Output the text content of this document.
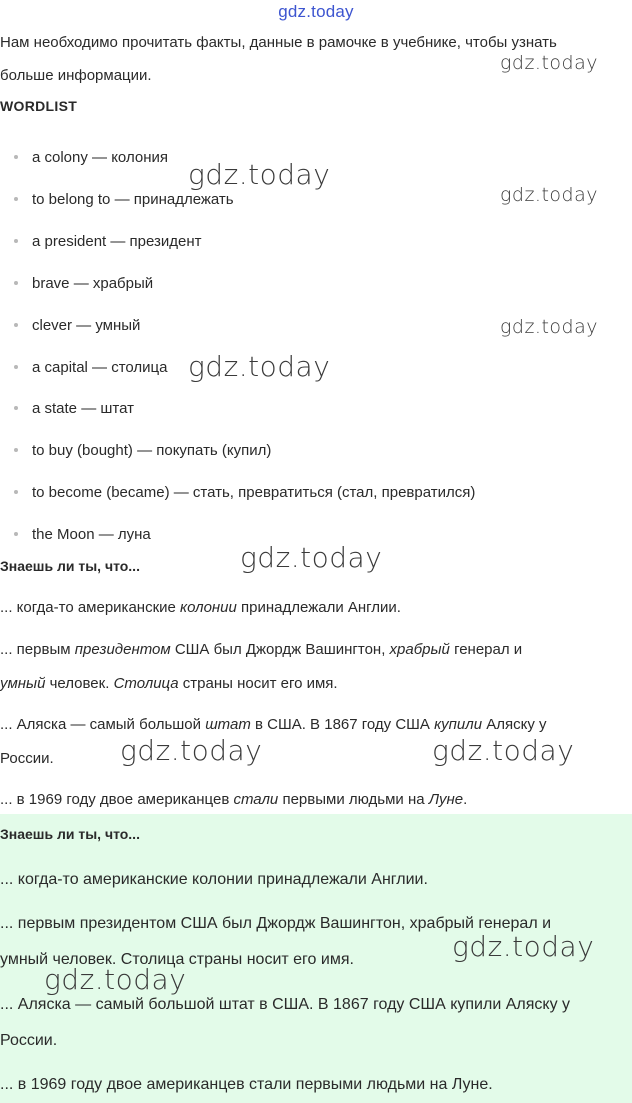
gdz.today
Нам необходимо прочитать факты, данные в рамочке в учебнике, чтобы узнать
больше информации.
WORDLIST
a colony — колония
to belong to — принадлежать
a president — президент
brave — храбрый
clever — умный
a capital — столица
a state — штат
to buy (bought) — покупать (купил)
to become (became) — стать, превратиться (стал, превратился)
the Moon — луна
Знаешь ли ты, что...
... когда-то американские колонии принадлежали Англии.
... первым президентом США был Джордж Вашингтон, храбрый генерал и
умный человек. Столица страны носит его имя.
... Аляска — самый большой штат в США. В 1867 году США купили Аляску у
России.
... в 1969 году двое американцев стали первыми людьми на Луне.
Знаешь ли ты, что...
... когда-то американские колонии принадлежали Англии.
... первым президентом США был Джордж Вашингтон, храбрый генерал и
умный человек. Столица страны носит его имя.
... Аляска — самый большой штат в США. В 1867 году США купили Аляску у
России.
... в 1969 году двое американцев стали первыми людьми на Луне.
gdz.today
gdz.today
gdz.today
gdz.today
gdz.today
gdz.today
gdz.today	gdz.today
gdz.today
gdz.today
